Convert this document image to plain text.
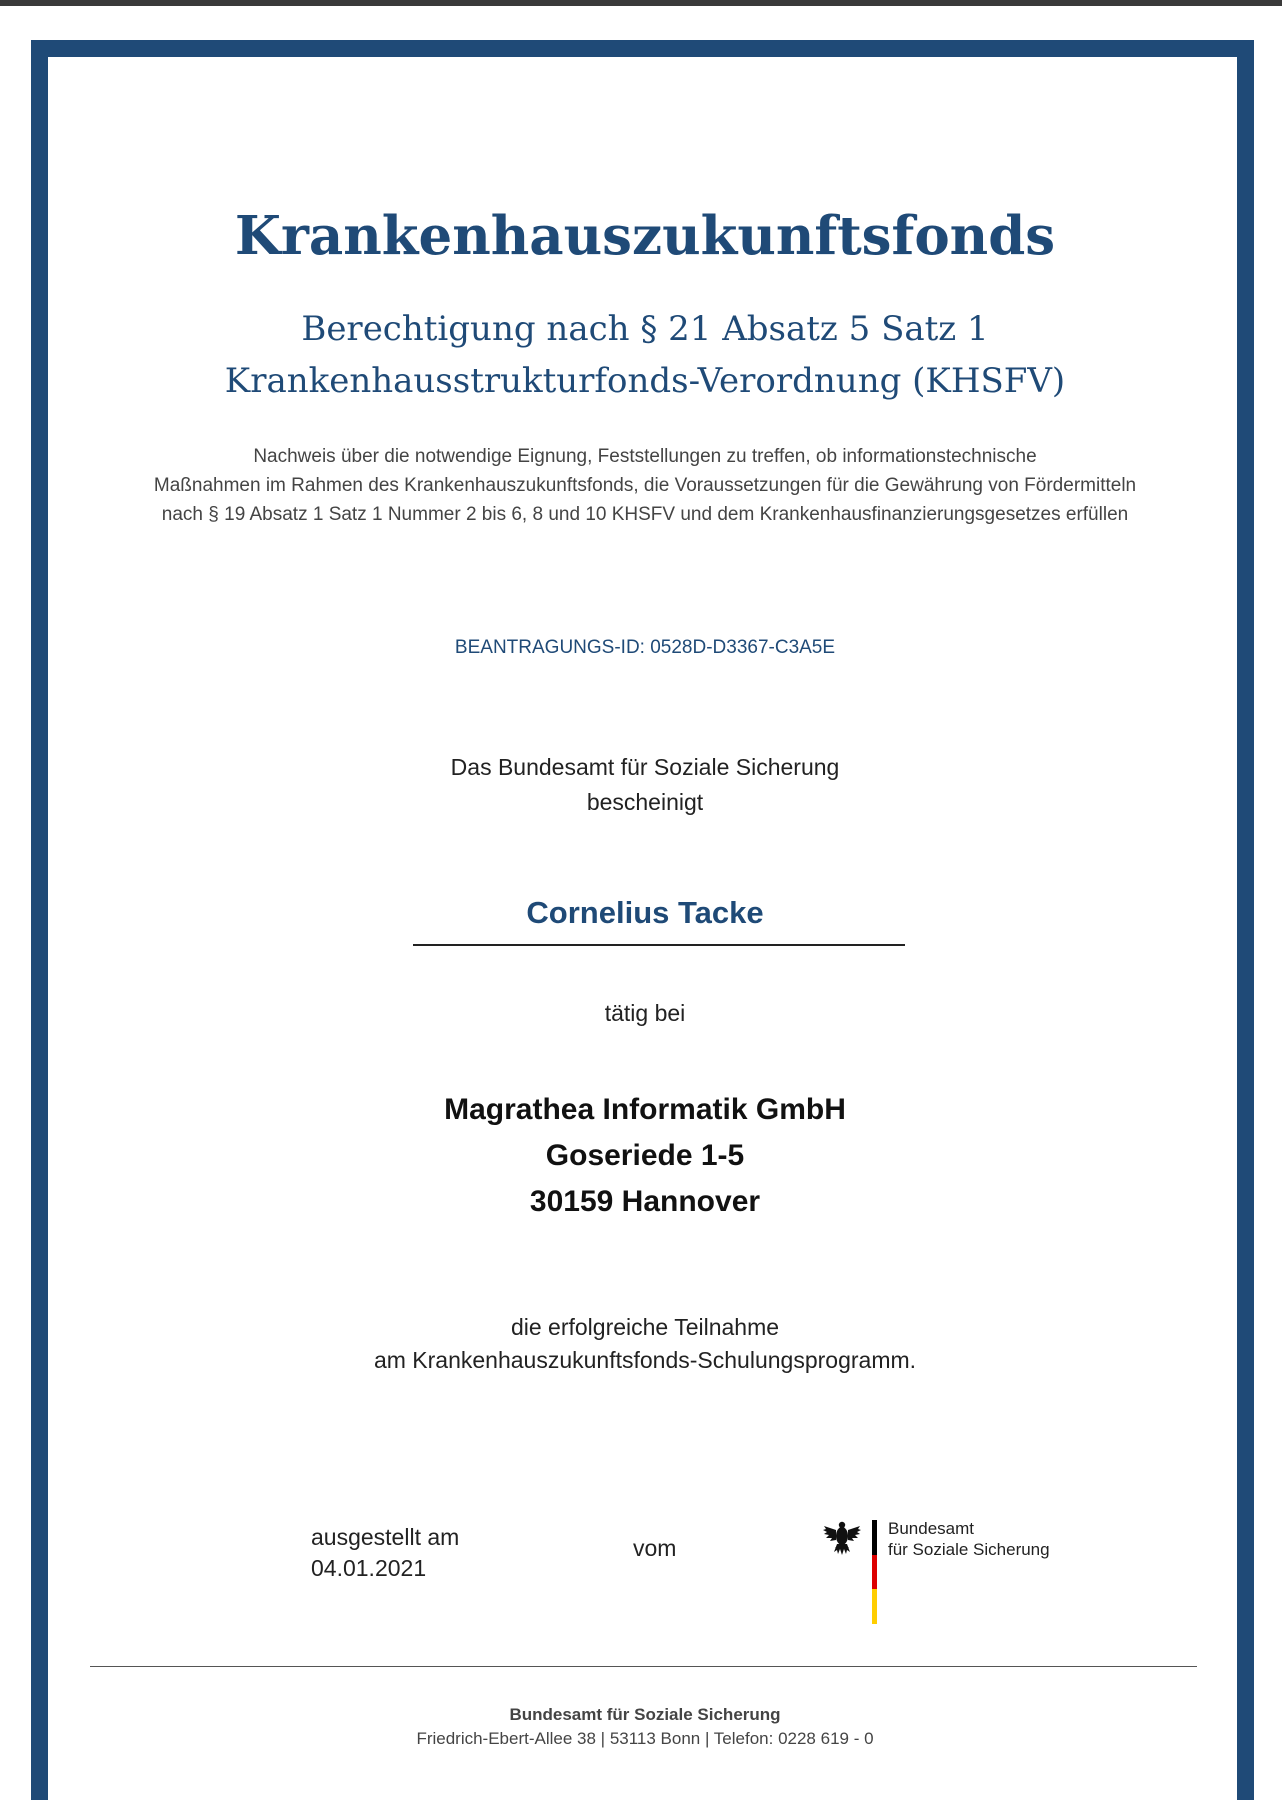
Krankenhauszukunftsfonds
Berechtigung nach § 21 Absatz 5 Satz 1
Krankenhausstrukturfonds-Verordnung (KHSFV)
Nachweis über die notwendige Eignung, Feststellungen zu treffen, ob informationstechnische
Maßnahmen im Rahmen des Krankenhauszukunftsfonds, die Voraussetzungen für die Gewährung von Fördermitteln
nach § 19 Absatz 1 Satz 1 Nummer 2 bis 6, 8 und 10 KHSFV und dem Krankenhausfinanzierungsgesetzes erfüllen
BEANTRAGUNGS-ID: 0528D-D3367-C3A5E
Das Bundesamt für Soziale Sicherung
bescheinigt
Cornelius Tacke
tätig bei
Magrathea Informatik GmbH
Goseriede 1-5
30159 Hannover
die erfolgreiche Teilnahme
am Krankenhauszukunftsfonds-Schulungsprogramm.
ausgestellt am
04.01.2021
vom
Bundesamt
für Soziale Sicherung
Bundesamt für Soziale Sicherung
Friedrich-Ebert-Allee 38 | 53113 Bonn | Telefon: 0228 619 - 0
